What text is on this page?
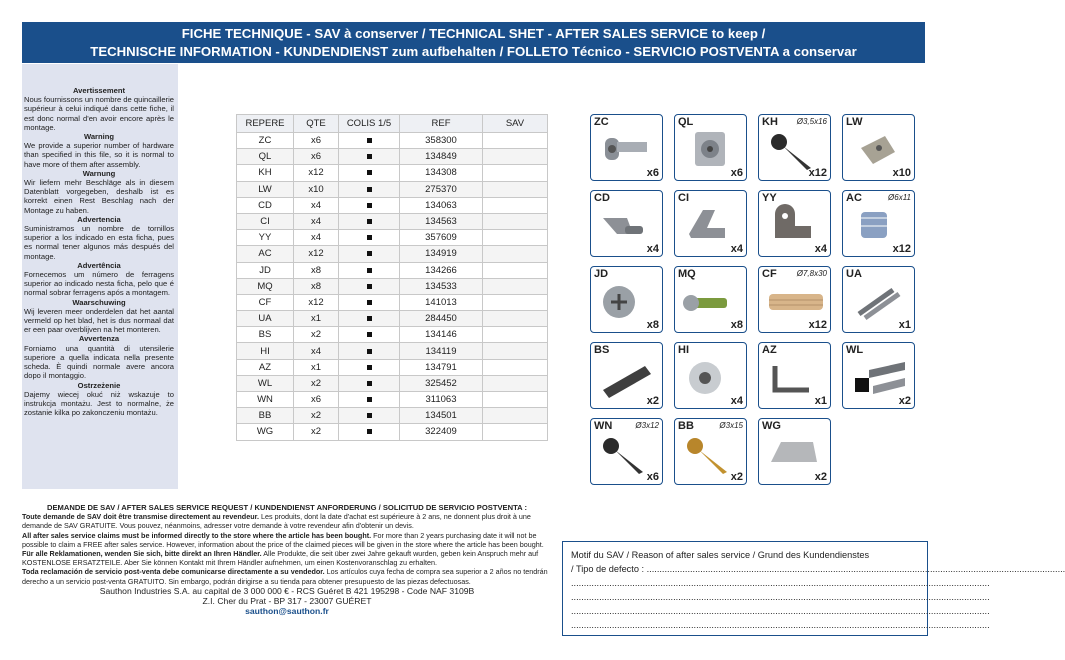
FICHE TECHNIQUE - SAV à conserver / TECHNICAL SHET - AFTER SALES SERVICE to keep /
TECHNISCHE INFORMATION - KUNDENDIENST zum aufbehalten / FOLLETO Técnico - SERVICIO POSTVENTA a conservar
Avertissement
Nous fournissons un nombre de quincaillerie supérieur à celui indiqué dans cette fiche, il est donc normal d'en avoir encore après le montage.
Warning
We provide a superior number of hardware than specified in this file, so it is normal to have more of them after assembly.
Warnung
Wir liefern mehr Beschläge als in diesem Datenblatt vorgegeben, deshalb ist es korrekt einen Rest Beschlag nach der Montage zu haben.
Advertencia
Suministramos un nombre de tornillos superior a los indicado en esta ficha, pues es normal tener algunos más después del montage.
Advertência
Fornecemos um número de ferragens superior ao indicado nesta ficha, pelo que é normal sobrar ferragens após a montagem.
Waarschuwing
Wij leveren meer onderdelen dat het aantal vermeld op het blad, het is dus normaal dat er een paar overblijven na het monteren.
Avvertenza
Forniamo una quantità di utensilerie superiore a quella indicata nella presente scheda. È quindi normale avere ancora dopo il montaggio.
Ostrzeżenie
Dajemy wiecej okuć niż wskazuje to instrukcja montażu. Jest to normalne, że zostanie kilka po zakonczeniu montażu.
REPERE	QTE	COLIS 1/5	REF	SAV
ZC	x6		358300	
QL	x6		134849	
KH	x12		134308	
LW	x10		275370	
CD	x4		134063	
CI	x4		134563	
YY	x4		357609	
AC	x12		134919	
JD	x8		134266	
MQ	x8		134533	
CF	x12		141013	
UA	x1		284450	
BS	x2		134146	
HI	x4		134119	
AZ	x1		134791	
WL	x2		325452	
WN	x6		311063	
BB	x2		134501	
WG	x2		322409	
ZC
x6
QL
x6
KH Ø3,5x16
x12
LW
x10
CD
x4
CI
x4
YY
x4
AC	Ø6x11
x12
JD
x8
MQ
x8
CF	Ø7,8x30
x12
UA
x1
BS
x2
HI
x4
AZ
x1
WL
x2
WN	Ø3x12
x6
BB	Ø3x15
x2
WG
x2

DEMANDE DE SAV / AFTER SALES SERVICE REQUEST / KUNDENDIENST ANFORDERUNG / SOLICITUD DE SERVICIO POSTVENTA :

Toute demande de SAV doit être transmise directement au revendeur. Les produits, dont la date d'achat est supérieure à 2 ans, ne donnent plus droit à une demande de SAV GRATUITE. Vous pouvez, néanmoins, adresser votre demande à votre revendeur afin d'obtenir un devis.

All after sales service claims must be informed directly to the store where the article has been bought. For more than 2 years purchasing date it will not be possible to claim a FREE after sales service. However, information about the price of the claimed pieces will be given in the store where the article has been bought.

Für alle Reklamationen, wenden Sie sich, bitte direkt an Ihren Händler. Alle Produkte, die seit über zwei Jahre gekauft wurden, geben kein Anspruch mehr auf KOSTENLOSE ERSATZTEILE. Aber Sie können Kontakt mit Ihrem Händler aufnehmen, um einen Kostenvoranschlag zu erhalten.

Toda reclamación de servicio post-venta debe comunicarse directamente a su vendedor. Los artículos cuya fecha de compra sea superior a 2 años no tendrán derecho a un servicio post-venta GRATUITO. Sin embargo, podrán dirigirse a su tienda para obtener presupuesto de las piezas defectuosas.

Sauthon Industries S.A. au capital de 3 000 000 € - RCS Guéret B 421 195298 - Code NAF 3109B

Z.I. Cher du Prat - BP 317 - 23007 GUÉRET

sauthon@sauthon.fr

Motif du SAV / Reason of after sales service / Grund des Kundendienstes
/ Tipo de defecto : ....................................................................................................................................................................
....................................................................................................................................................................
....................................................................................................................................................................
....................................................................................................................................................................
....................................................................................................................................................................
